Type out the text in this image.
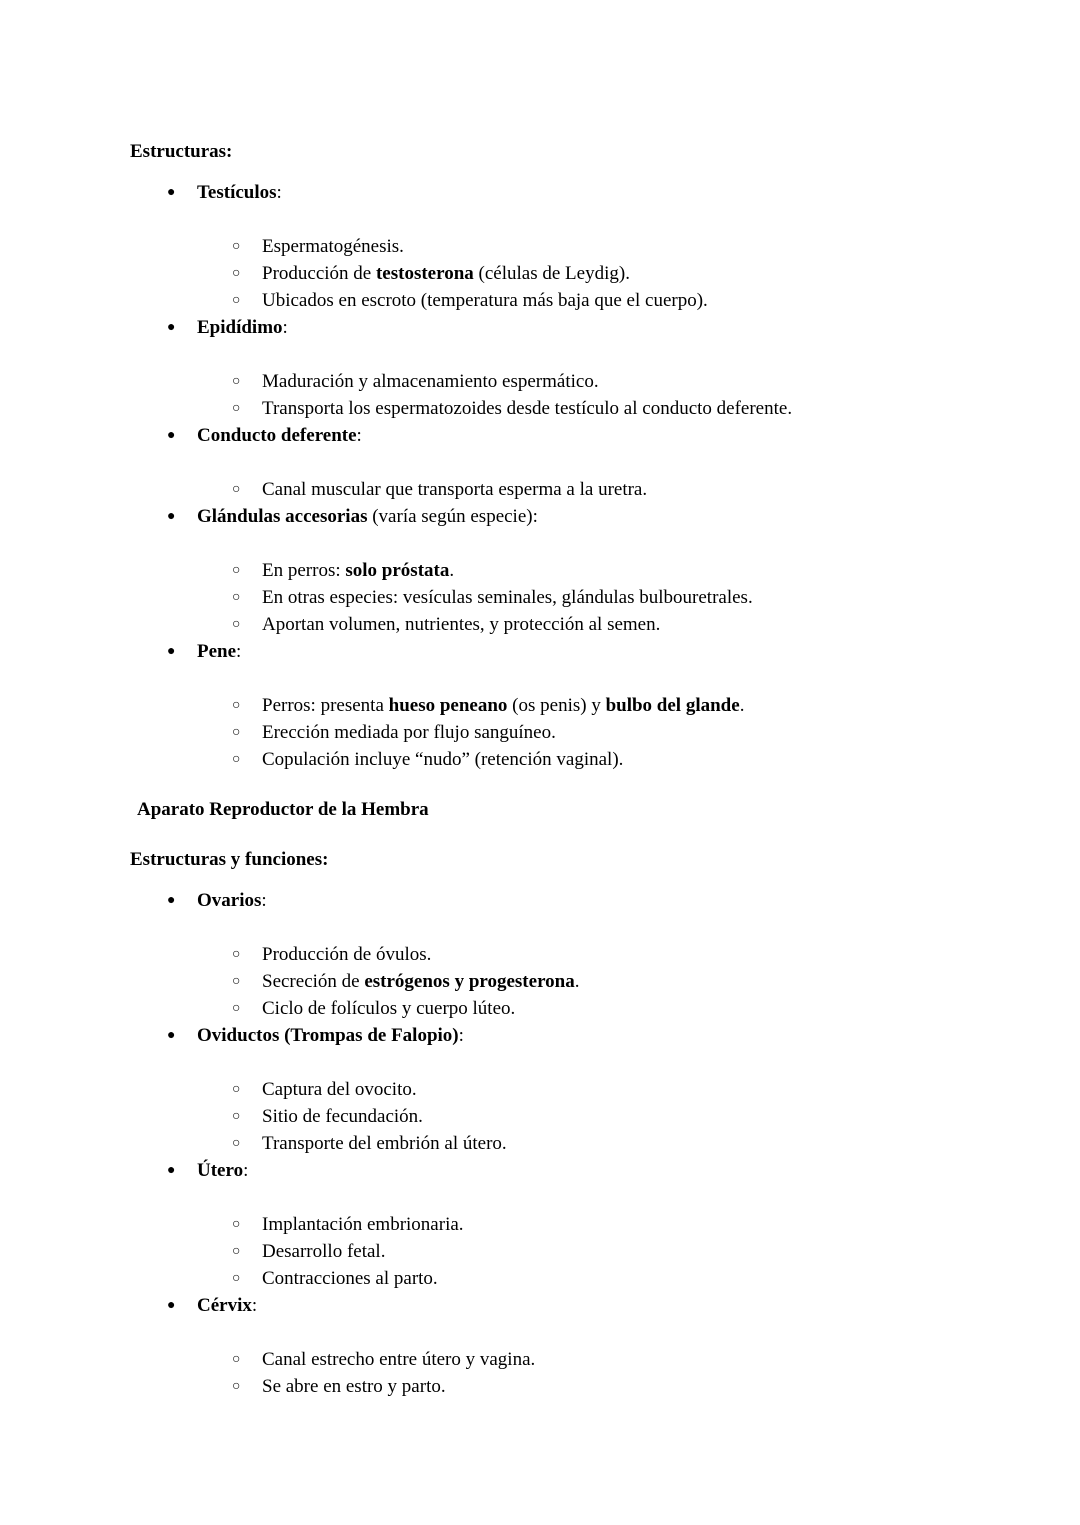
Estructuras:
●	Testículos:
○	Espermatogénesis.
○	Producción de testosterona (células de Leydig).
○	Ubicados en escroto (temperatura más baja que el cuerpo).
●	Epidídimo:
○	Maduración y almacenamiento espermático.
○	Transporta los espermatozoides desde testículo al conducto deferente.
●	Conducto deferente:
○	Canal muscular que transporta esperma a la uretra.
●	Glándulas accesorias (varía según especie):
○	En perros: solo próstata.
○	En otras especies: vesículas seminales, glándulas bulbouretrales.
○	Aportan volumen, nutrientes, y protección al semen.
●	Pene:
○	Perros: presenta hueso peneano (os penis) y bulbo del glande.
○	Erección mediada por flujo sanguíneo.
○	Copulación incluye “nudo” (retención vaginal).
Aparato Reproductor de la Hembra
Estructuras y funciones:
●	Ovarios:
○	Producción de óvulos.
○	Secreción de estrógenos y progesterona.
○	Ciclo de folículos y cuerpo lúteo.
●	Oviductos (Trompas de Falopio):
○	Captura del ovocito.
○	Sitio de fecundación.
○	Transporte del embrión al útero.
●	Útero:
○	Implantación embrionaria.
○	Desarrollo fetal.
○	Contracciones al parto.
●	Cérvix:
○	Canal estrecho entre útero y vagina.
○	Se abre en estro y parto.
